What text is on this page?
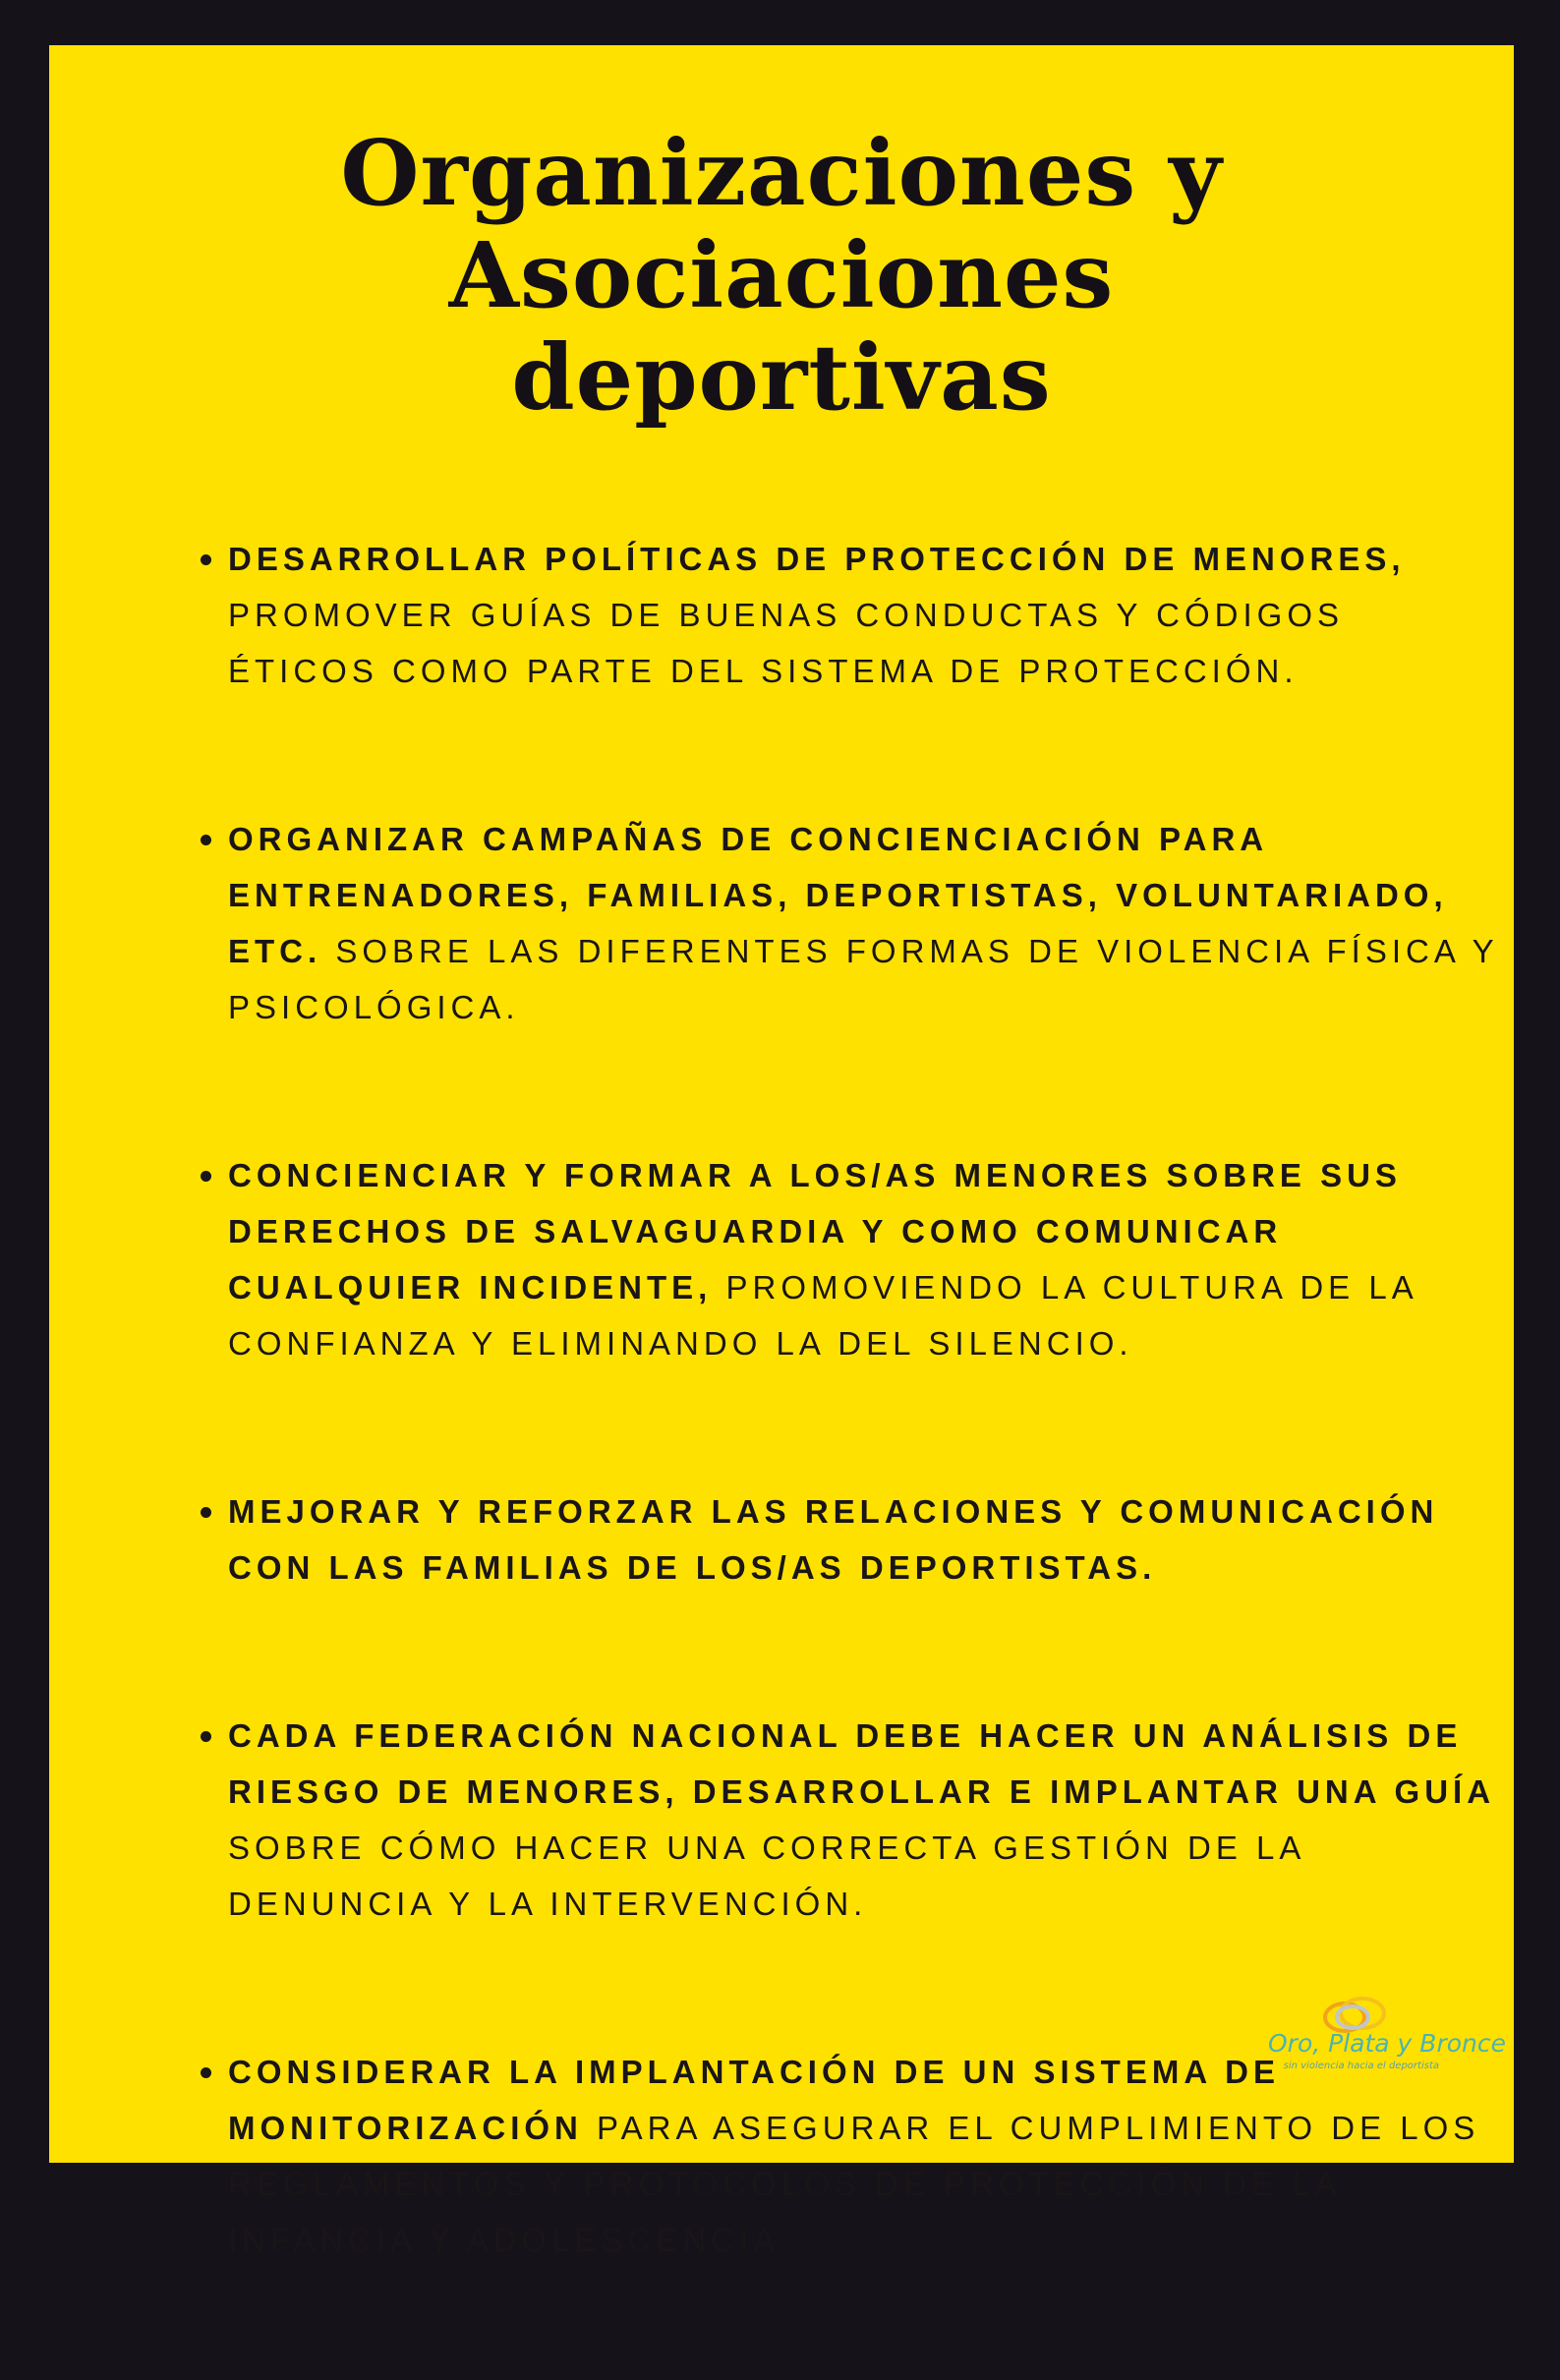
Organizaciones y
Asociaciones
deportivas
DESARROLLAR POLÍTICAS DE PROTECCIÓN DE MENORES, PROMOVER GUÍAS DE BUENAS CONDUCTAS Y CÓDIGOS ÉTICOS COMO PARTE DEL SISTEMA DE PROTECCIÓN.
ORGANIZAR CAMPAÑAS DE CONCIENCIACIÓN PARA ENTRENADORES, FAMILIAS, DEPORTISTAS, VOLUNTARIADO, ETC. SOBRE LAS DIFERENTES FORMAS DE VIOLENCIA FÍSICA Y PSICOLÓGICA.
CONCIENCIAR Y FORMAR A LOS/AS MENORES SOBRE SUS DERECHOS DE SALVAGUARDIA Y COMO COMUNICAR CUALQUIER INCIDENTE, PROMOVIENDO LA CULTURA DE LA CONFIANZA Y ELIMINANDO LA DEL SILENCIO.
MEJORAR Y REFORZAR LAS RELACIONES Y COMUNICACIÓN CON LAS FAMILIAS DE LOS/AS DEPORTISTAS.
CADA FEDERACIÓN NACIONAL DEBE HACER UN ANÁLISIS DE RIESGO DE MENORES, DESARROLLAR E IMPLANTAR UNA GUÍA SOBRE CÓMO HACER UNA CORRECTA GESTIÓN DE LA DENUNCIA Y LA INTERVENCIÓN.
CONSIDERAR LA IMPLANTACIÓN DE UN SISTEMA DE MONITORIZACIÓN PARA ASEGURAR EL CUMPLIMIENTO DE LOS REGLAMENTOS Y PROTOCOLOS DE PROTECCIÓN DE LA INFANCIA Y ADOLESCENCIA.
Oro, Plata y Bronce
sin violencia hacia el deportista
